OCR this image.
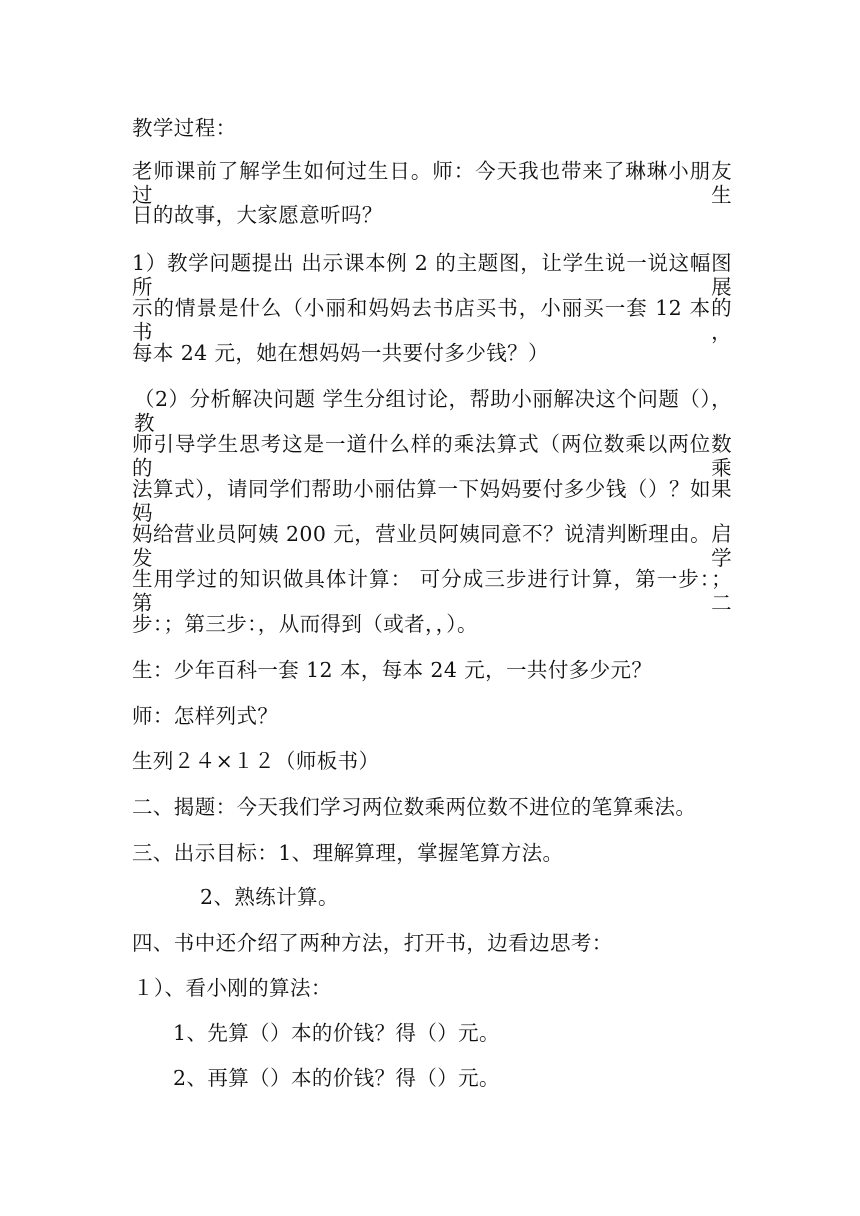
教学过程：
老师课前了解学生如何过生日。师：今天我也带来了琳琳小朋友过生
日的故事，大家愿意听吗？
1）教学问题提出 出示课本例 2 的主题图，让学生说一说这幅图所展
示的情景是什么（小丽和妈妈去书店买书，小丽买一套 12 本的书，
每本 24 元，她在想妈妈一共要付多少钱？）
（2）分析解决问题 学生分组讨论，帮助小丽解决这个问题（），教
师引导学生思考这是一道什么样的乘法算式（两位数乘以两位数的乘
法算式），请同学们帮助小丽估算一下妈妈要付多少钱（）？如果妈
妈给营业员阿姨 200 元，营业员阿姨同意不？说清判断理由。启发学
生用学过的知识做具体计算： 可分成三步进行计算，第一步：；第二
步：；第三步：，从而得到（或者，，）。
生：少年百科一套 12 本，每本 24 元，一共付多少元？
师：怎样列式？
生列２４×１２（师板书）
二、揭题：今天我们学习两位数乘两位数不进位的笔算乘法。
三、出示目标：1、理解算理，掌握笔算方法。
2、熟练计算。
四、书中还介绍了两种方法，打开书，边看边思考：
１）、看小刚的算法：
1、先算（）本的价钱？得（）元。
2、再算（）本的价钱？得（）元。
